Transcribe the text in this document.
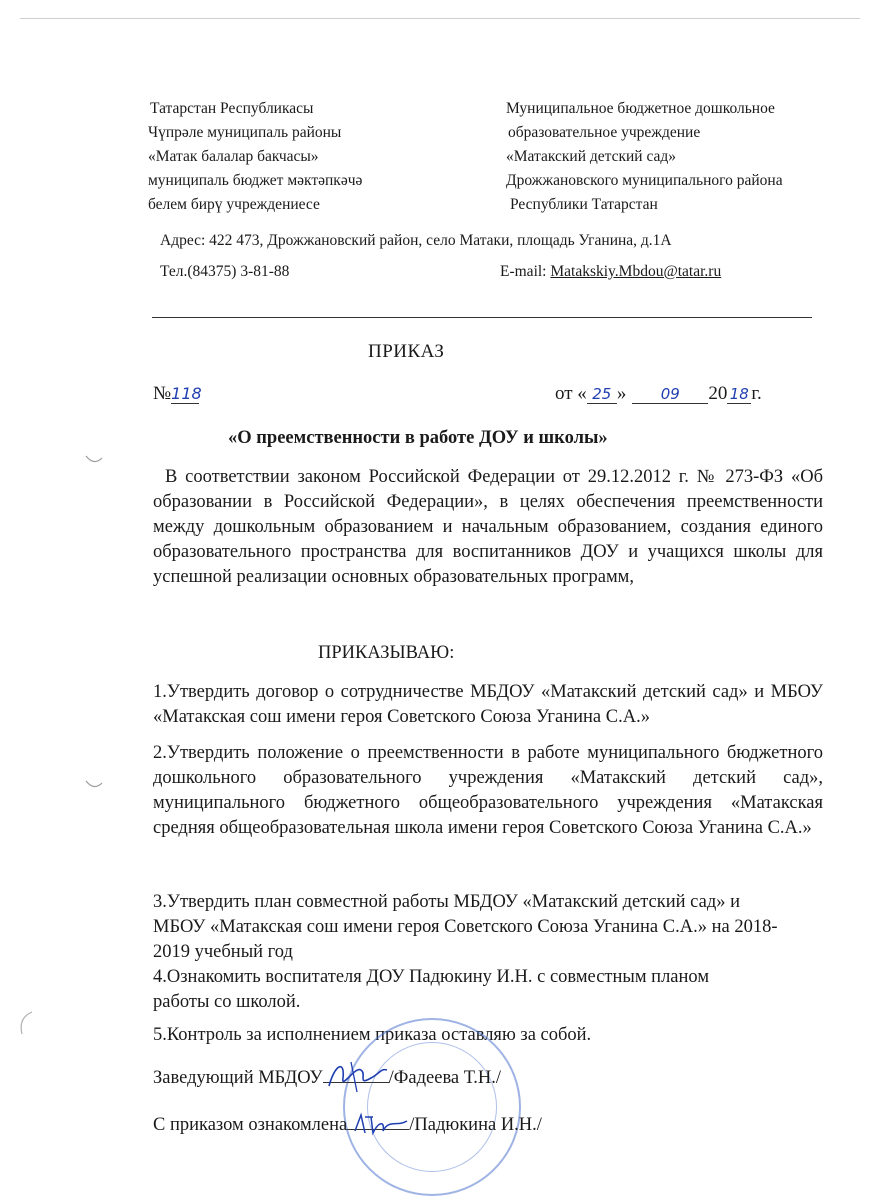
Татарстан Республикасы
Чүпрәле муниципаль районы
«Матак балалар бакчасы»
муниципаль бюджет мәктәпкәчә
белем бирү учреждениесе
Муниципальное бюджетное дошкольное
образовательное учреждение
«Матакский детский сад»
Дрожжановского муниципального района
Республики Татарстан
Адрес: 422 473, Дрожжановский район, село Матаки, площадь Уганина, д.1А
Тел.(84375) 3-81-88	E-mail: Matakskiy.Mbdou@tatar.ru
ПРИКАЗ
№118	от « 25 » 09 20 18 г.
«О преемственности в работе ДОУ и школы»
В соответствии законом Российской Федерации от 29.12.2012 г. № 273-ФЗ «Об образовании в Российской Федерации», в целях обеспечения преемственности между дошкольным образованием и начальным образованием, создания единого образовательного пространства для воспитанников ДОУ и учащихся школы для успешной реализации основных образовательных программ,
ПРИКАЗЫВАЮ:
1.Утвердить договор о сотрудничестве МБДОУ «Матакский детский сад» и МБОУ «Матакская сош имени героя Советского Союза Уганина С.А.»
2.Утвердить положение о преемственности в работе муниципального бюджетного дошкольного образовательного учреждения «Матакский детский сад», муниципального бюджетного общеобразовательного учреждения «Матакская средняя общеобразовательная школа имени героя Советского Союза Уганина С.А.»
3.Утвердить план совместной работы МБДОУ «Матакский детский сад» и МБОУ «Матакская сош имени героя Советского Союза Уганина С.А.» на 2018-2019 учебный год
4.Ознакомить воспитателя ДОУ Падюкину И.Н. с совместным планом работы со школой.
5.Контроль за исполнением приказа оставляю за собой.
Заведующий МБДОУ	/Фадеева Т.Н./
С приказом ознакомлена	/Падюкина И.Н./
